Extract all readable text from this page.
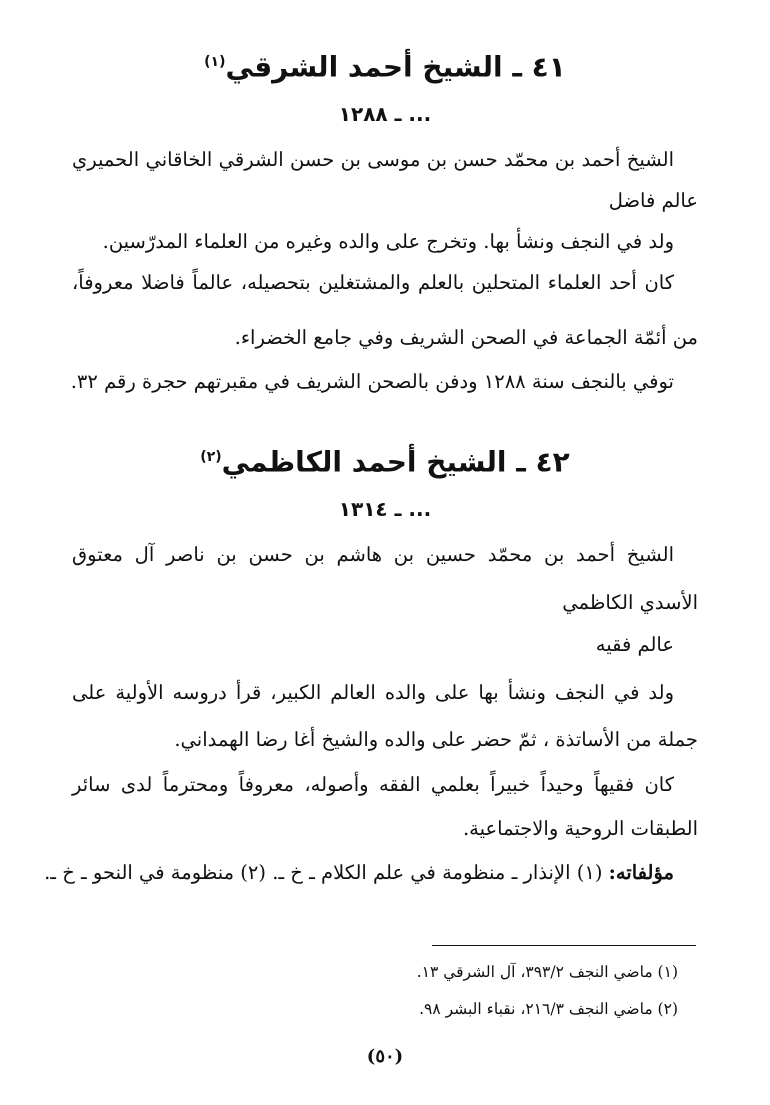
٤١ ـ الشيخ أحمد الشرقي$^{(١)}$
... ـ ١٢٨٨
الشيخ أحمد بن محمّد حسن بن موسى بن حسن الشرقي الخاقاني الحميري
عالم فاضل
ولد في النجف ونشأ بها. وتخرج على والده وغيره من العلماء المدرّسين.
كان أحد العلماء المتحلين بالعلم والمشتغلين بتحصيله، عالماً فاضلا معروفاً،
من أئمّة الجماعة في الصحن الشريف وفي جامع الخضراء.
توفي بالنجف سنة ١٢٨٨ ودفن بالصحن الشريف في مقبرتهم حجرة رقم ٣٢.
٤٢ ـ الشيخ أحمد الكاظمي$^{(٢)}$
... ـ ١٣١٤
الشيخ أحمد بن محمّد حسين بن هاشم بن حسن بن ناصر آل معتوق
الأسدي الكاظمي
عالم فقيه
ولد في النجف ونشأ بها على والده العالم الكبير، قرأ دروسه الأولية على
جملة من الأساتذة ، ثمّ حضر على والده والشيخ أغا رضا الهمداني.
كان فقيهاً وحيداً خبيراً بعلمي الفقه وأصوله، معروفاً ومحترماً لدى سائر
الطبقات الروحية والاجتماعية.
مؤلفاته: (١) الإنذار ـ منظومة في علم الكلام ـ خ ـ. (٢) منظومة في النحو ـ خ ـ.
(١) ماضي النجف ٣٩٣/٢، آل الشرقي ١٣.
(٢) ماضي النجف ٢١٦/٣، نقباء البشر ٩٨.
(٥٠)
